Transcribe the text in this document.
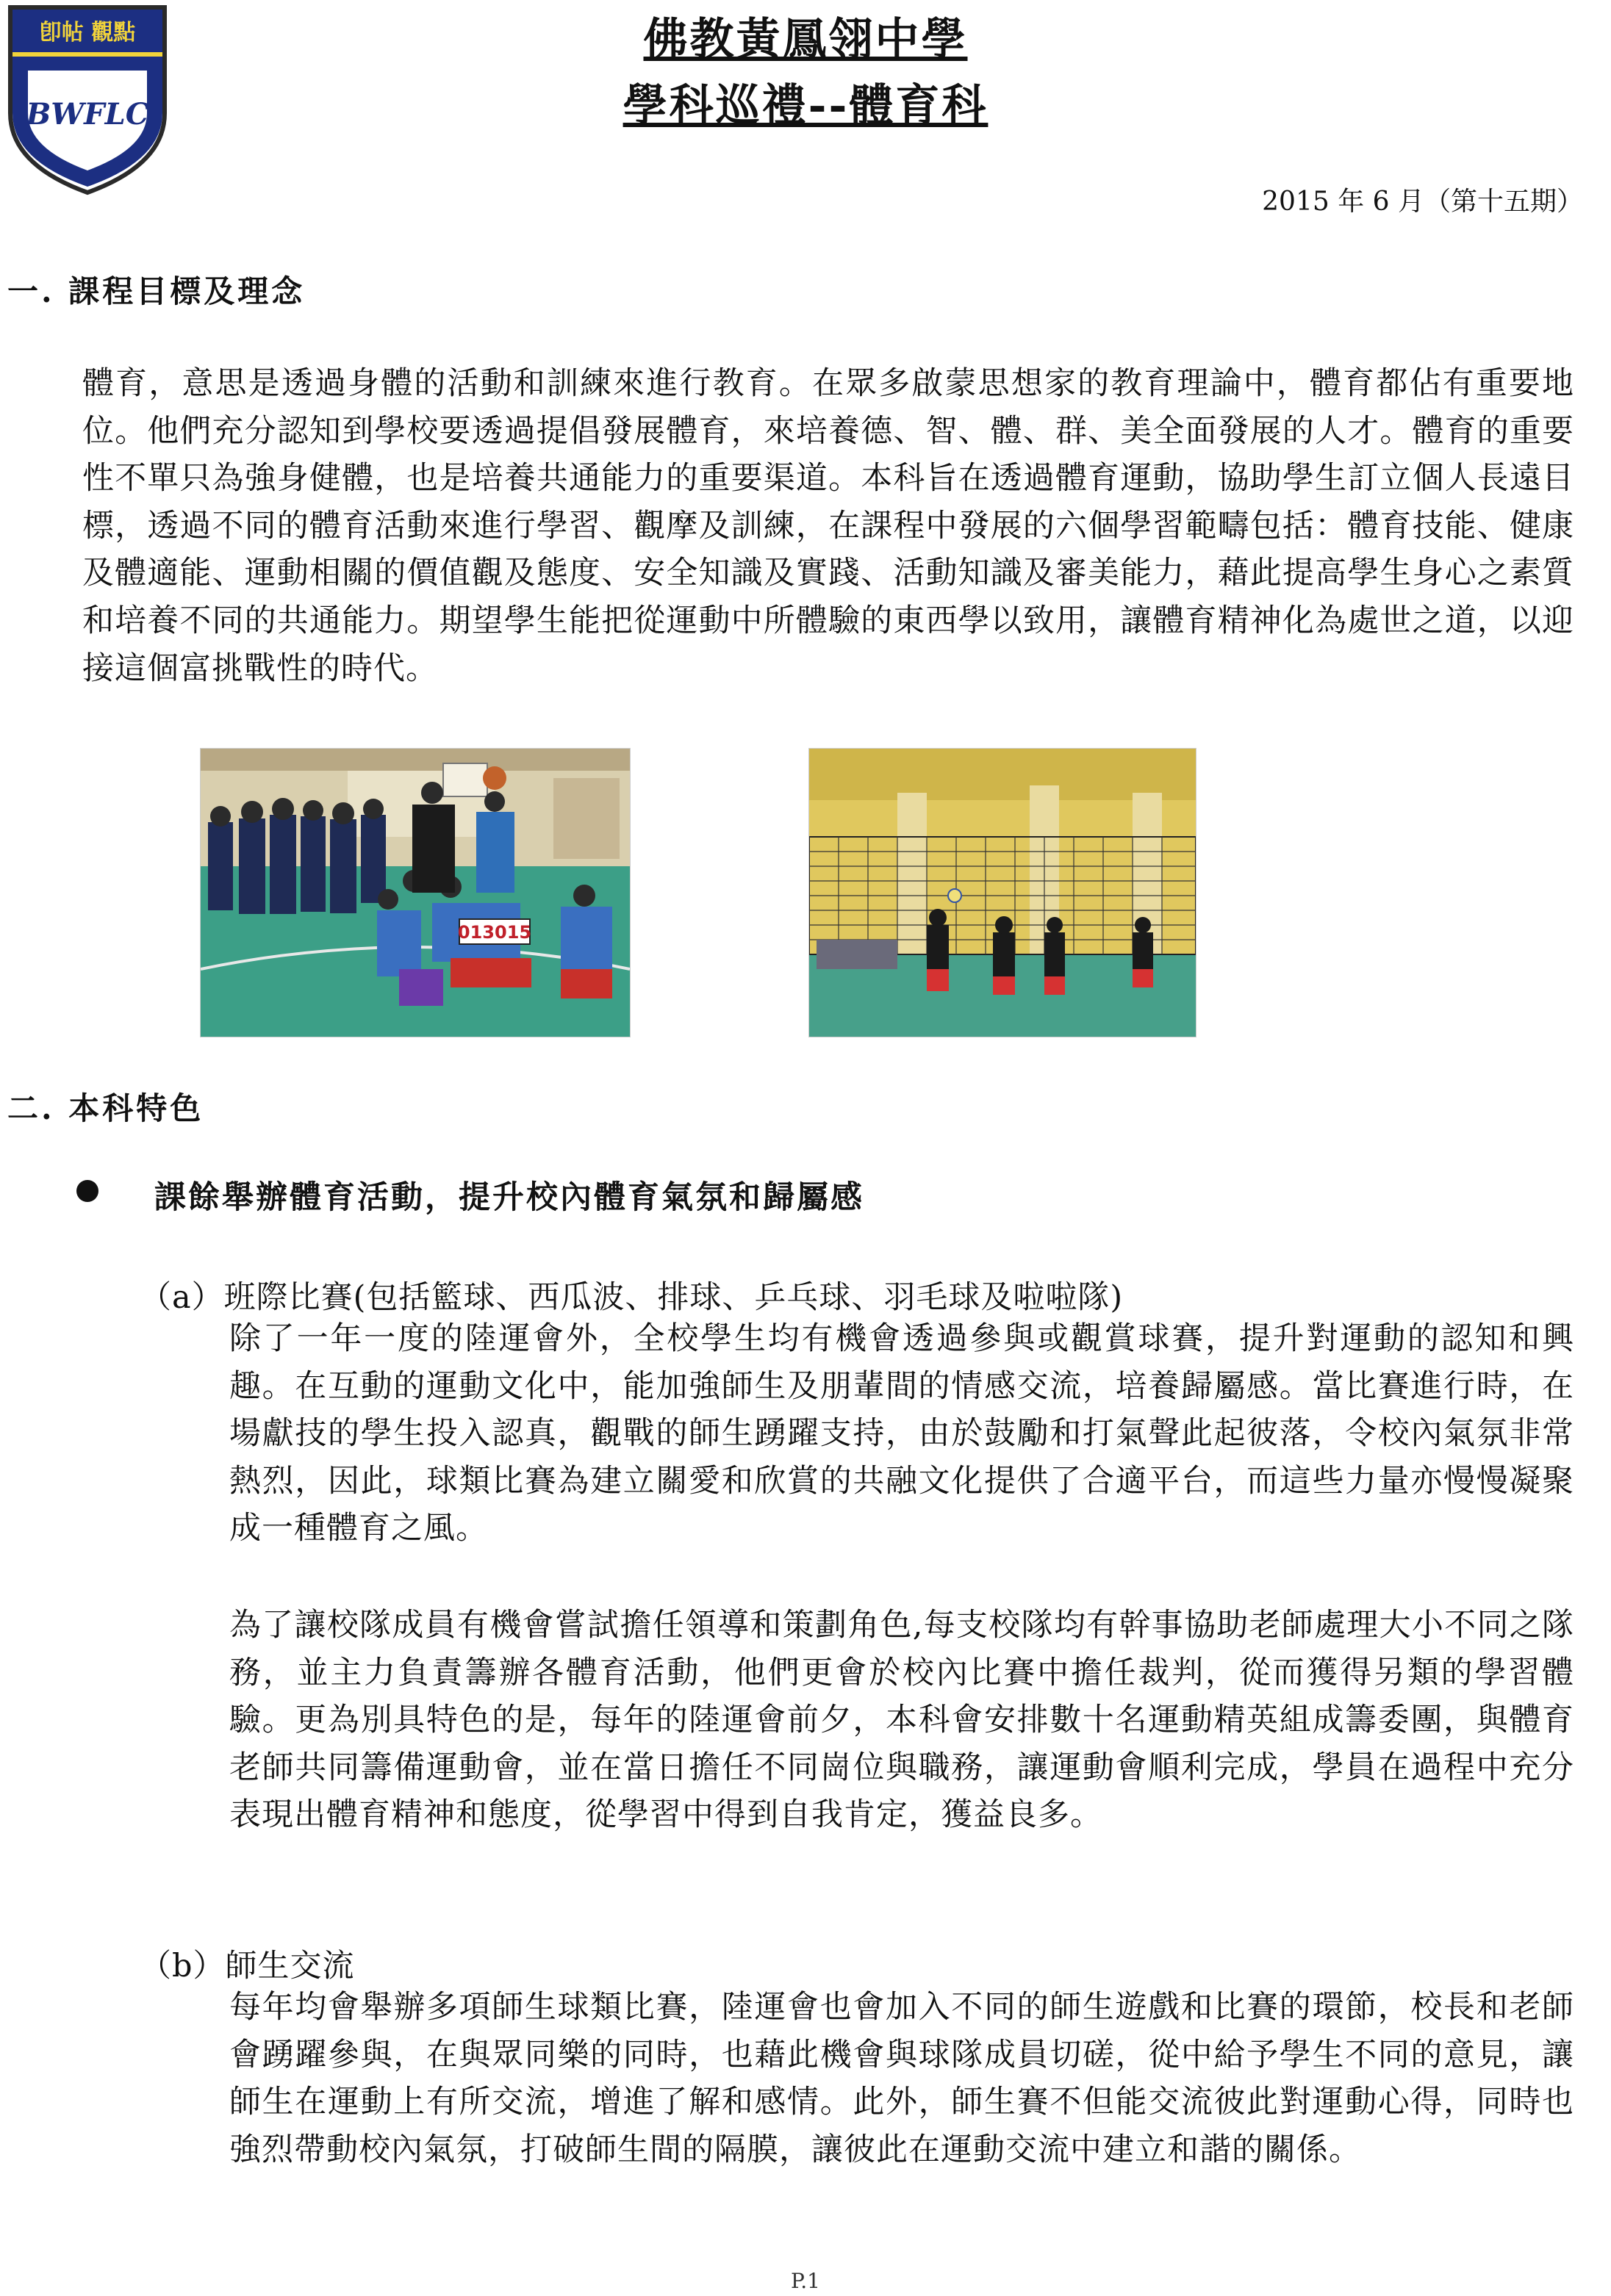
卽帖 觀點
BWFLC
佛教黃鳳翎中學
學科巡禮--體育科
2015 年 6 月（第十五期）
一. 課程目標及理念
體育，意思是透過身體的活動和訓練來進行教育。在眾多啟蒙思想家的教育理論中，體育都佔有重要地位。他們充分認知到學校要透過提倡發展體育，來培養德、智、體、群、美全面發展的人才。體育的重要性不單只為強身健體，也是培養共通能力的重要渠道。本科旨在透過體育運動，協助學生訂立個人長遠目標，透過不同的體育活動來進行學習、觀摩及訓練，在課程中發展的六個學習範疇包括：體育技能、健康及體適能、運動相關的價值觀及態度、安全知識及實踐、活動知識及審美能力，藉此提高學生身心之素質和培養不同的共通能力。期望學生能把從運動中所體驗的東西學以致用，讓體育精神化為處世之道，以迎接這個富挑戰性的時代。
013015
二. 本科特色
課餘舉辦體育活動，提升校內體育氣氛和歸屬感
（a）班際比賽(包括籃球、西瓜波、排球、乒乓球、羽毛球及啦啦隊)
除了一年一度的陸運會外，全校學生均有機會透過參與或觀賞球賽，提升對運動的認知和興趣。在互動的運動文化中，能加強師生及朋輩間的情感交流，培養歸屬感。當比賽進行時，在場獻技的學生投入認真，觀戰的師生踴躍支持，由於鼓勵和打氣聲此起彼落，令校內氣氛非常熱烈，因此，球類比賽為建立關愛和欣賞的共融文化提供了合適平台，而這些力量亦慢慢凝聚成一種體育之風。
為了讓校隊成員有機會嘗試擔任領導和策劃角色,每支校隊均有幹事協助老師處理大小不同之隊務，並主力負責籌辦各體育活動，他們更會於校內比賽中擔任裁判，從而獲得另類的學習體驗。更為別具特色的是，每年的陸運會前夕，本科會安排數十名運動精英組成籌委團，與體育老師共同籌備運動會，並在當日擔任不同崗位與職務，讓運動會順利完成，學員在過程中充分表現出體育精神和態度，從學習中得到自我肯定，獲益良多。
（b）師生交流
每年均會舉辦多項師生球類比賽，陸運會也會加入不同的師生遊戲和比賽的環節，校長和老師會踴躍參與，在與眾同樂的同時，也藉此機會與球隊成員切磋，從中給予學生不同的意見，讓師生在運動上有所交流，增進了解和感情。此外，師生賽不但能交流彼此對運動心得，同時也強烈帶動校內氣氛，打破師生間的隔膜，讓彼此在運動交流中建立和諧的關係。
P.1
